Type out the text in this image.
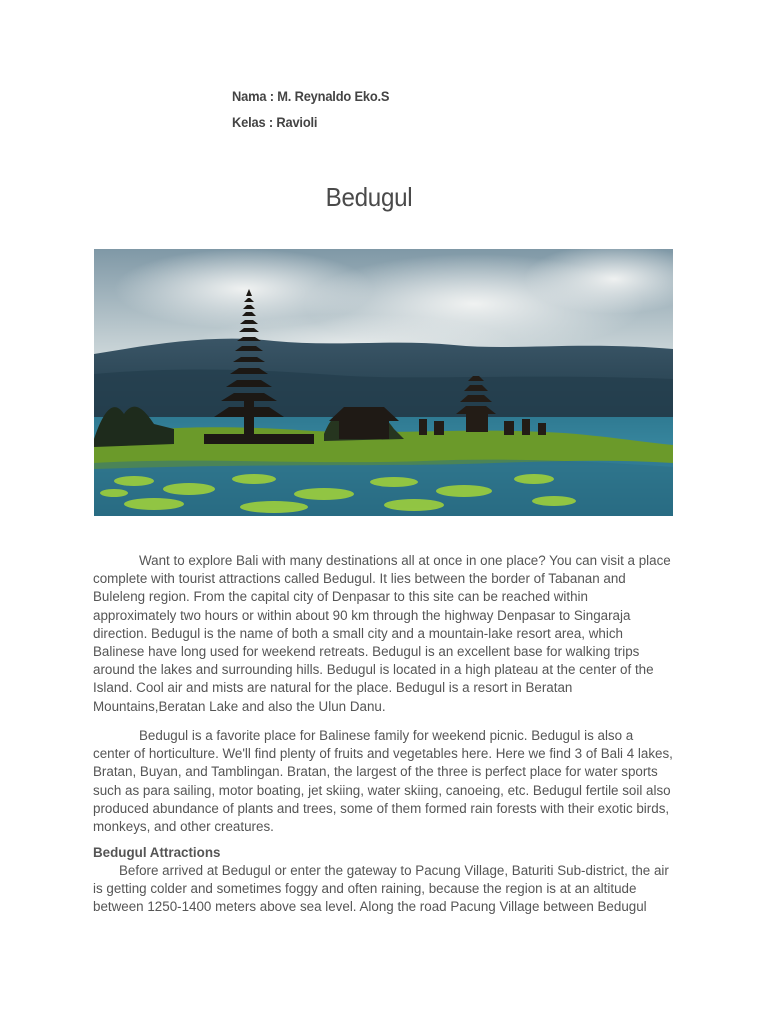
Nama : M. Reynaldo Eko.S
Kelas : Ravioli
Bedugul

Want to explore Bali with many destinations all at once in one place? You can visit a place complete with tourist attractions called Bedugul. It lies between the border of Tabanan and Buleleng region. From the capital city of Denpasar to this site can be reached within approximately two hours or within about 90 km through the highway Denpasar to Singaraja direction. Bedugul is the name of both a small city and a mountain-lake resort area, which Balinese have long used for weekend retreats. Bedugul is an excellent base for walking trips around the lakes and surrounding hills. Bedugul is located in a high plateau at the center of the Island. Cool air and mists are natural for the place. Bedugul is a resort in Beratan Mountains,Beratan Lake and also the Ulun Danu.

Bedugul is a favorite place for Balinese family for weekend picnic. Bedugul is also a center of horticulture. We'll find plenty of fruits and vegetables here. Here we find 3 of Bali 4 lakes, Bratan, Buyan, and Tamblingan. Bratan, the largest of the three is perfect place for water sports such as para sailing, motor boating, jet skiing, water skiing, canoeing, etc. Bedugul fertile soil also produced abundance of plants and trees, some of them formed rain forests with their exotic birds, monkeys, and other creatures.

Bedugul Attractions

Before arrived at Bedugul or enter the gateway to Pacung Village, Baturiti Sub-district, the air is getting colder and sometimes foggy and often raining, because the region is at an altitude between 1250-1400 meters above sea level. Along the road Pacung Village between Bedugul
